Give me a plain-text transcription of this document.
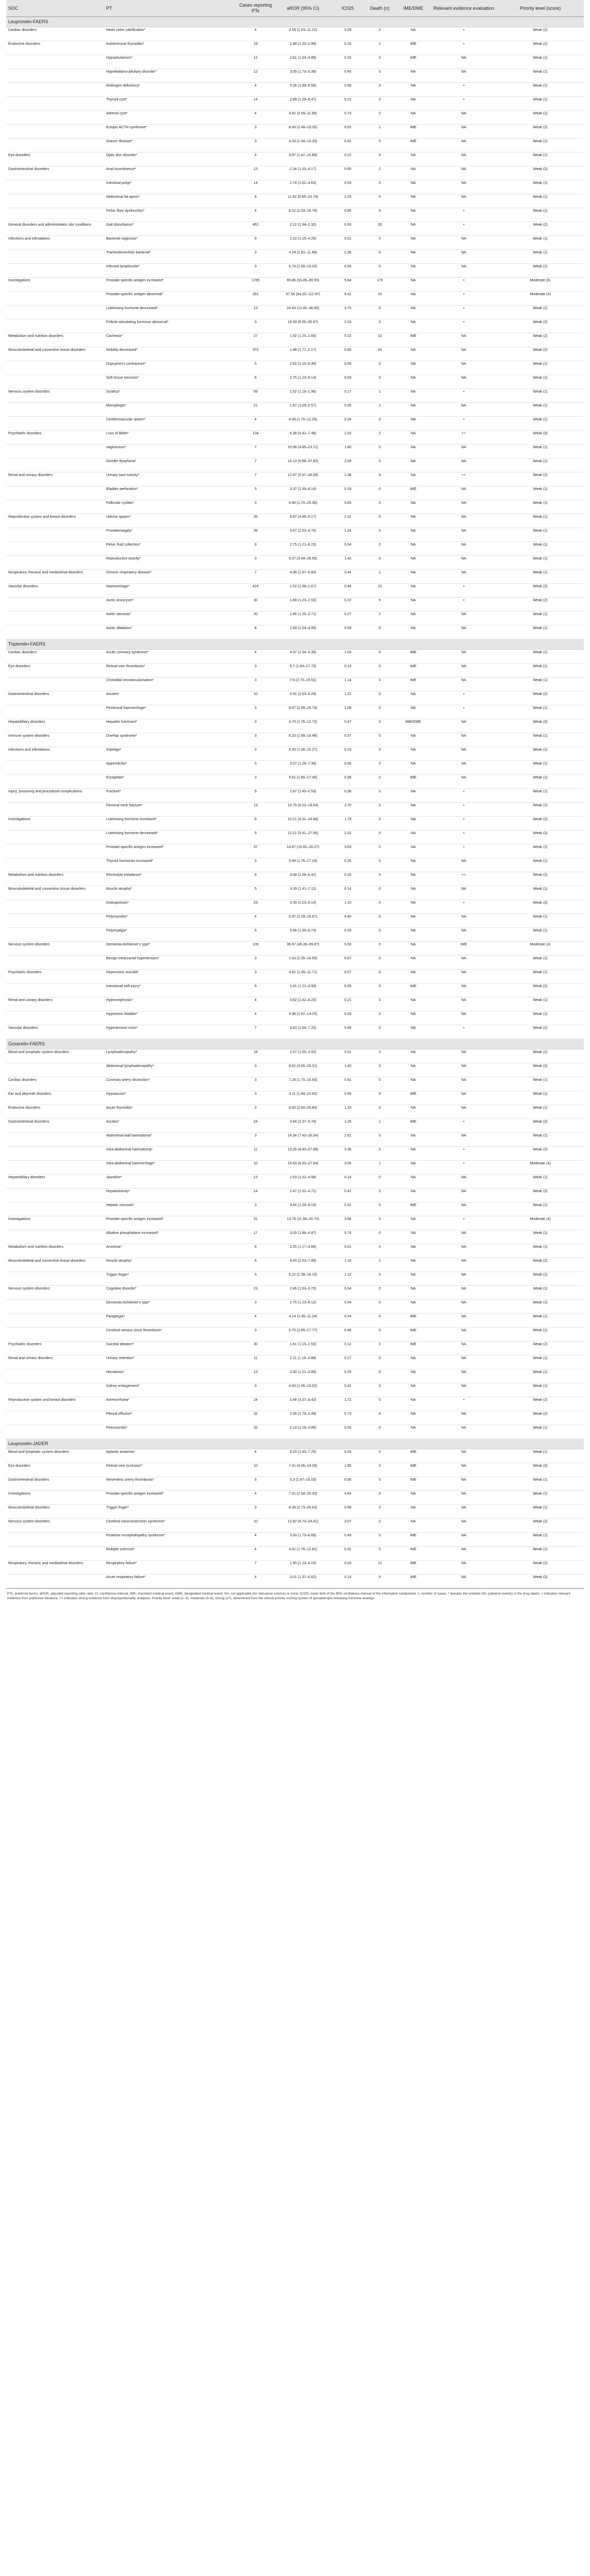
SOC	PT	Cases reporting PTs	aROR (95% CI)	IC025	Death (n)	IME/DME	Relevant evidence evaluation	Priority level (score)
Leuprorelin-FAERS								
Cardiac disorders	Heart valve calcification*	4	4.55 (1.53–11.22)	0.29	2	NA	+	Weak (2)
Endocrine disorders	Autoimmune thyroiditis*	19	1.98 (1.20–2.95)	0.16	1	IME	+	Weak (2)
	Hypopituitarism*	12	2.81 (1.63–4.85)	0.33	0	IME	NA	Weak (1)
	Hypothalamo-pituitary disorder*	12	3.05 (1.73–5.39)	0.45	0	NA	NA	Weak (1)
	Androgen deficiency*	4	4.26 (1.99–9.56)	0.68	0	NA	+	Weak (1)
	Thyroid cyst*	14	2.89 (1.29–6.47)	0.12	0	NA	+	Weak (1)
	Adrenal cyst*	4	4.91 (2.05–11.96)	0.73	0	NA	NA	Weak (1)
	Ectopic ACTH syndrome*	3	6.93 (2.48–19.35)	0.52	1	IME	NA	Weak (2)
	Graves disease*	3	4.23 (1.34–13.33)	0.31	0	IME	NA	Weak (1)
Eye disorders	Optic disc disorder*	4	3.87 (1.47–10.89)	0.22	0	NA	NA	Weak (1)
Gastrointestinal disorders	Anal incontinence*	13	2.34 (1.33–4.17)	0.65	2	NA	NA	Weak (2)
	Intestinal polyp*	14	2.74 (1.62–4.63)	0.53	0	NA	NA	Weak (1)
	Abdominal fat apron*	8	11.82 (5.65–24.74)	2.25	0	NA	NA	Weak (1)
	Pelvic floor dysfunction*	4	8.12 (2.33–16.78)	0.85	0	NA	+	Weak (1)
General disorders and administration site conditions	Gait disturbance*	462	2.12 (1.94–2.32)	0.93	33	NA	+	Weak (2)
Infections and infestations	Bacterial vaginosis*	9	2.22 (1.15–4.29)	0.01	0	NA	NA	Weak (1)
	Tracheobronchitis bacterial*	3	4.29 (1.81–11.89)	0.38	0	NA	NA	Weak (1)
	Infected lymphocele*	3	6.78 (1.50–15.20)	0.56	0	NA	NA	Weak (1)
Investigations	Prostate-specific antigen increased*	1785	65.86 (53.85–80.55)	5.64	178	NA	+	Moderate (6)
	Prostate-specific antigen abnormal*	291	97.56 (64.20–112.97)	6.42	16	NA	+	Moderate (4)
	Luteinising hormone decreased*	13	24.63 (12.82–46.95)	3.75	0	NA	+	Weak (2)
	Follicle-stimulating hormone abnormal*	3	18.59 (6.00–56.67)	2.03	0	NA	+	Weak (2)
Metabolism and nutrition disorders	Cachexia*	27	1.92 (1.25–2.60)	0.22	13	IME	NA	Weak (2)
Musculoskeletal and connective tissue disorders	Mobility decreased*	372	1.98 (1.77–2.17)	0.80	43	NA	NA	Weak (2)
	Dupuytren's contracture*	5	2.62 (1.10–6.30)	0.09	0	NA	NA	Weak (1)
	Soft tissue necrosis*	6	2.75 (1.23–6.14)	0.03	0	NA	NA	Weak (1)
Nervous system disorders	Sciatica*	59	1.52 (1.18–1.96)	0.17	1	NA	+	Weak (1)
	Monoplegia*	21	1.67 (1.09–2.57)	0.05	1	NA	NA	Weak (1)
	Cerebrovascular spasm*	4	4.56 (1.70–12.26)	0.34	0	NA	+	Weak (1)
Psychiatric disorders	Loss of libido*	134	6.38 (5.41–7.48)	2.32	2	NA	++	Weak (3)
	Vaginismus*	7	10.56 (4.85–23.21)	1.80	0	NA	NA	Weak (1)
	Gender dysphoria*	7	16.13 (6.88–37.80)	2.09	0	NA	NA	Weak (1)
Renal and urinary disorders	Urinary tract toxicity*	7	12.87 (5.57–30.06)	2.38	0	NA	++	Weak (2)
	Bladder perforation*	5	3.37 (1.39–8.14)	0.19	0	IME	NA	Weak (1)
	Follicular cystitis*	3	6.90 (1.70–25.36)	0.65	0	NA	NA	Weak (1)
Reproductive system and breast disorders	Uterine spasm*	39	6.67 (4.86–9.17)	2.31	0	NA	NA	Weak (1)
	Prostatomegaly*	39	3.47 (2.53–4.76)	1.24	0	NA	NA	Weak (1)
	Pelvic fluid collection*	8	2.75 (1.21–6.23)	0.04	0	NA	NA	Weak (1)
	Reproductive toxicity*	3	9.07 (3.49–26.56)	1.42	0	NA	NA	Weak (1)
Respiratory, thoracic and mediastinal disorders	Chronic respiratory disease*	7	4.06 (1.67–9.83)	0.44	1	NA	NA	Weak (1)
Vascular disorders	Haemorrhage*	424	1.52 (1.38–1.67)	0.44	15	NA	+	Weak (2)
	Aortic aneurysm*	30	1.69 (1.23–2.53)	0.22	6	NA	+	Weak (2)
	Aortic stenosis*	20	1.86 (1.25–2.71)	0.27	2	NA	NA	Weak (1)
	Aortic dilatation*	8	2.49 (1.24–4.99)	0.59	0	NA	NA	Weak (1)
Triptorelin-FAERS								
Cardiac disorders	Acute coronary syndrome*	4	4.07 (2.34–9.35)	1.03	0	IME	NA	Weak (2)
Eye disorders	Retinal vein thrombosis*	3	5.7 (1.83–17.72)	0.14	0	IME	NA	Weak (1)
	Choroidal neovascularisation*	3	7.5 (2.73–19.51)	1.14	0	IME	NA	Weak (1)
Gastrointestinal disorders	Ascites*	10	4.91 (2.53–9.29)	1.22	0	NA	+	Weak (2)
	Peritoneal haemorrhage*	3	8.67 (2.58–29.74)	1.08	0	NA	+	Weak (1)
Hepatobiliary disorders	Hepatitis fulminant*	3	4.73 (1.76–12.72)	0.47	0	IME/DME	NA	Weak (2)
Immune system disorders	Overlap syndrome*	3	6.23 (1.99–19.46)	0.37	0	NA	NA	Weak (1)
Infections and infestations	Impetigo*	3	6.93 (1.36–15.27)	0.23	0	NA	NA	Weak (1)
	Appendicitis*	5	3.07 (1.26–7.39)	0.06	0	NA	NA	Weak (1)
	Erysipelas*	3	5.61 (1.80–17.45)	0.38	0	IME	NA	Weak (1)
Injury, poisoning and procedural complications	Fracture*	9	2.87 (1.49–5.53)	0.38	0	NA	+	Weak (1)
	Femoral neck fracture*	13	10.75 (6.23–18.54)	2.70	0	NA	+	Weak (2)
Investigations	Luteinising hormone increased*	8	10.21 (4.31–24.88)	1.79	0	NA	+	Weak (2)
	Luteinising hormone decreased*	5	12.21 (5.41–27.56)	2.32	0	NA	+	Weak (2)
	Prostate-specific antigen increased*	37	14.67 (10.62–20.27)	3.53	0	NA	+	Weak (2)
	Thyroid hormones increased*	3	5.48 (1.76–17.24)	0.35	0	NA	NA	Weak (1)
Metabolism and nutrition disorders	Electrolyte imbalance*	8	3.08 (1.58–6.42)	0.20	0	NA	++	Weak (2)
Musculoskeletal and connective tissue disorders	Muscle atrophy*	5	3.39 (1.41–7.11)	0.14	0	NA	NA	Weak (1)
	Osteoporosis*	23	3.39 (2.23–5.14)	1.10	0	NA	+	Weak (2)
	Polymyositis*	4	5.97 (2.28–15.67)	0.40	0	NA	NA	Weak (1)
	Polymyalgia*	6	3.94 (1.30–6.74)	0.29	0	NA	NA	Weak (1)
Nervous system disorders	Dementia Alzheimer's type*	106	36.67 (46.36–69.87)	5.50	0	NA	IME	Moderate (4)
	Benign intracranial hypertension*	3	7.43 (2.35–16.59)	0.67	0	NA	NA	Weak (1)
Psychiatric disorders	Depression suicidal*	3	4.61 (1.45–11.71)	0.07	0	NA	NA	Weak (1)
	Intentional self-injury*	6	2.41 (1.21–4.93)	0.06	0	IME	NA	Weak (1)
Renal and urinary disorders	Hydronephrosis*	4	3.62 (1.42–8.23)	0.21	0	NA	NA	Weak (1)
	Hypertonic bladder*	4	4.96 (1.67–14.20)	0.33	0	NA	NA	Weak (1)
Vascular disorders	Hypertensive crisis*	7	3.43 (1.64–7.20)	0.48	0	NA	+	Weak (2)
Goserelin-FAERS								
Blood and lymphatic system disorders	Lymphadenopathy*	18	2.47 (1.55–3.92)	0.51	3	NA	NA	Weak (2)
	Abdominal lymphadenopathy*	3	8.62 (3.00–20.31)	1.40	0	NA	NA	Weak (1)
Cardiac disorders	Coronary artery dissection*	3	7.28 (1.70–16.43)	0.91	0	NA	NA	Weak (1)
Ear and labyrinth disorders	Hypoacusis*	3	4.11 (1.84–10.62)	0.49	0	IME	NA	Weak (1)
Endocrine disorders	Acute thyroiditis*	3	8.63 (2.50–20.84)	1.33	0	NA	NA	Weak (1)
Gastrointestinal disorders	Ascites*	24	3.64 (2.37–5.74)	1.26	1	IME	+	Weak (2)
	Abdominal wall haematoma*	3	14.34 (7.43–26.34)	2.61	0	NA	NA	Weak (1)
	Intra-abdominal haematoma*	11	13.26 (8.43–27.68)	3.36	0	NA	+	Weak (2)
	Intra-abdominal haemorrhage*	10	14.53 (8.33–27.64)	3.05	1	NA	+	Moderate (4)
Hepatobiliary disorders	Jaundice*	13	2.53 (1.32–4.58)	0.14	0	NA	NA	Weak (1)
	Hepatotoxicity*	14	2.47 (1.52–4.71)	0.42	2	NA	NA	Weak (2)
	Hepatic necrosis*	3	3.44 (1.29–9.19)	0.31	0	IME	NA	Weak (1)
Investigations	Prostate-specific antigen increased*	31	13.76 (11.90–20.70)	3.66	0	NA	+	Moderate (4)
	Alkaline phosphatase increased*	17	3.03 (1.88–4.87)	0.74	0	NA	NA	Weak (1)
Metabolism and nutrition disorders	Anorexia*	8	2.35 (1.17–4.66)	0.01	0	NA	NA	Weak (1)
Musculoskeletal and connective tissue disorders	Muscle atrophy*	6	4.43 (2.53–7.85)	1.18	2	NA	NA	Weak (2)
	Trigger finger*	5	6.22 (2.38–16.15)	1.12	0	NA	NA	Weak (1)
Nervous system disorders	Cognitive disorder*	23	2.46 (1.63–3.70)	0.04	0	NA	NA	Weak (1)
	Dementia Alzheimer's type*	3	2.75 (1.23–6.12)	0.04	0	NA	NA	Weak (1)
	Paraplegia*	4	4.14 (1.35–11.24)	0.24	0	IME	NA	Weak (1)
	Cerebral venous sinus thrombosis*	3	5.75 (1.85–17.77)	0.48	0	IME	NA	Weak (1)
Psychiatric disorders	Suicidal ideation*	30	1.61 (1.15–2.53)	0.12	0	IME	NA	Weak (2)
Renal and urinary disorders	Urinary retention*	11	2.11 (1.19–3.88)	0.17	0	NA	NA	Weak (1)
	Hematuria*	13	2.00 (1.21–3.89)	0.29	0	NA	NA	Weak (1)
	Kidney enlargement*	3	4.83 (1.56–15.02)	0.42	0	NA	NA	Weak (1)
Reproductive system and breast disorders	Amenorrhoea*	24	5.48 (3.37–8.42)	1.72	0	NA	+	Weak (2)
	Pleural effusion*	32	2.56 (1.79–3.39)	0.73	4	NA	NA	Weak (2)
	Pneumonitis*	32	2.13 (1.18–3.86)	0.20	0	NA	NA	Weak (1)
Leuprorelin-JADER								
Blood and lymphatic system disorders	Aplastic anaemia*	4	5.23 (1.45–7.25)	0.24	0	IME	NA	Weak (1)
Eye disorders	Retinal vein occlusion*	10	7.41 (4.06–14.26)	1.85	0	IME	NA	Weak (2)
Gastrointestinal disorders	Mesenteric artery thrombosis*	6	5.3 (1.87–16.03)	0.56	0	IME	NA	Weak (1)
Investigations	Prostate-specific antigen increased*	4	7.81 (2.54–20.33)	0.84	0	NA	NA	Weak (1)
Musculoskeletal disorders	Trigger finger*	3	8.39 (2.73–25.63)	0.98	0	NA	NA	Weak (1)
Nervous system disorders	Cerebral vasoconstriction syndrome*	10	12.82 (6.73–24.41)	3.07	0	NA	NA	Weak (2)
	Posterior encephalopathy syndrome*	4	3.53 (1.73–8.69)	0.49	0	IME	NA	Weak (1)
	Multiple sclerosis*	4	4.81 (1.76–12.81)	0.31	0	IME	NA	Weak (1)
Respiratory, thoracic and mediastinal disorders	Respiratory failure*	7	1.90 (1.13–3.19)	0.03	12	IME	NA	Weak (2)
	Acute respiratory failure*	4	3.01 (1.37–6.62)	0.14	5	IME	NA	Weak (2)
PTs, preferred terms; aROR, adjusted reporting odds ratio; CI, confidence interval; IME, important medical event; DME, designated medical event; NA, not applicable (for relevance column) or none; IC025, lower limit of the 95% confidence interval of the information component; n, number of cases. * denotes the unlisted AEs (adverse events) in the drug labels; + indicates relevant evidence from published literature, ++ indicates strong evidence from disproportionality analyses. Priority level: weak (1–3), moderate (4–6), strong (≥7), determined from the clinical priority scoring system of gonadotropin-releasing hormone analogs.
